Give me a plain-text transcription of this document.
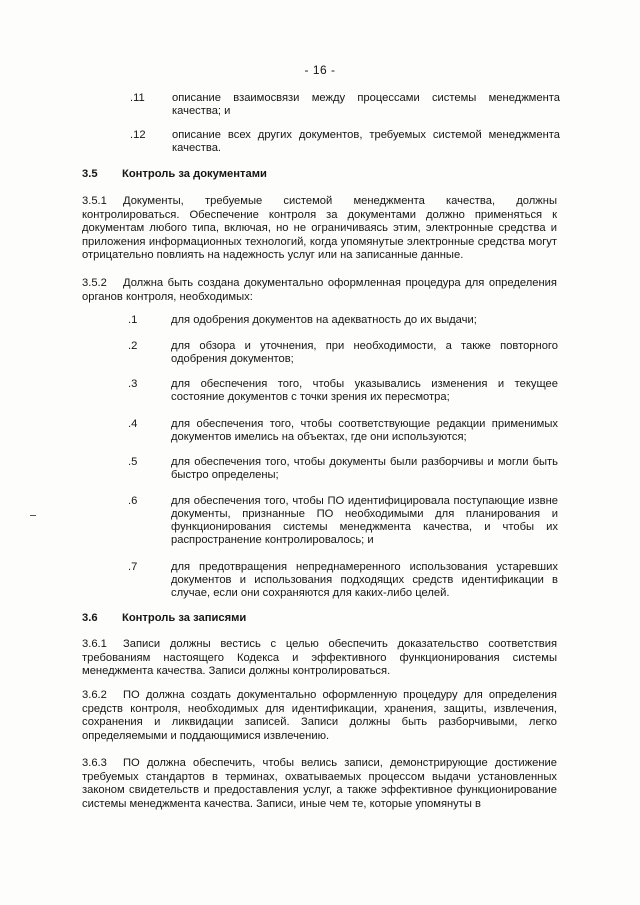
- 16 -
.11 описание взаимосвязи между процессами системы менеджмента качества; и
.12 описание всех других документов, требуемых системой менеджмента качества.
3.5 Контроль за документами
3.5.1 Документы, требуемые системой менеджмента качества, должны контролироваться. Обеспечение контроля за документами должно применяться к документам любого типа, включая, но не ограничиваясь этим, электронные средства и приложения информационных технологий, когда упомянутые электронные средства могут отрицательно повлиять на надежность услуг или на записанные данные.
3.5.2 Должна быть создана документально оформленная процедура для определения органов контроля, необходимых:
.1	для одобрения документов на адекватность до их выдачи;
.2	для обзора и уточнения, при необходимости, а также повторного одобрения документов;
.3	для обеспечения того, чтобы указывались изменения и текущее состояние документов с точки зрения их пересмотра;
.4	для обеспечения того, чтобы соответствующие редакции применимых документов имелись на объектах, где они используются;
.5	для обеспечения того, чтобы документы были разборчивы и могли быть быстро определены;
.6	для обеспечения того, чтобы ПО идентифицировала поступающие извне документы, признанные ПО необходимыми для планирования и функционирования системы менеджмента качества, и чтобы их распространение контролировалось; и
.7	для предотвращения непреднамеренного использования устаревших документов и использования подходящих средств идентификации в случае, если они сохраняются для каких-либо целей.
3.6 Контроль за записями
3.6.1 Записи должны вестись с целью обеспечить доказательство соответствия требованиям настоящего Кодекса и эффективного функционирования системы менеджмента качества. Записи должны контролироваться.
3.6.2 ПО должна создать документально оформленную процедуру для определения средств контроля, необходимых для идентификации, хранения, защиты, извлечения, сохранения и ликвидации записей. Записи должны быть разборчивыми, легко определяемыми и поддающимися извлечению.
3.6.3 ПО должна обеспечить, чтобы велись записи, демонстрирующие достижение требуемых стандартов в терминах, охватываемых процессом выдачи установленных законом свидетельств и предоставления услуг, а также эффективное функционирование системы менеджмента качества. Записи, иные чем те, которые упомянуты в
